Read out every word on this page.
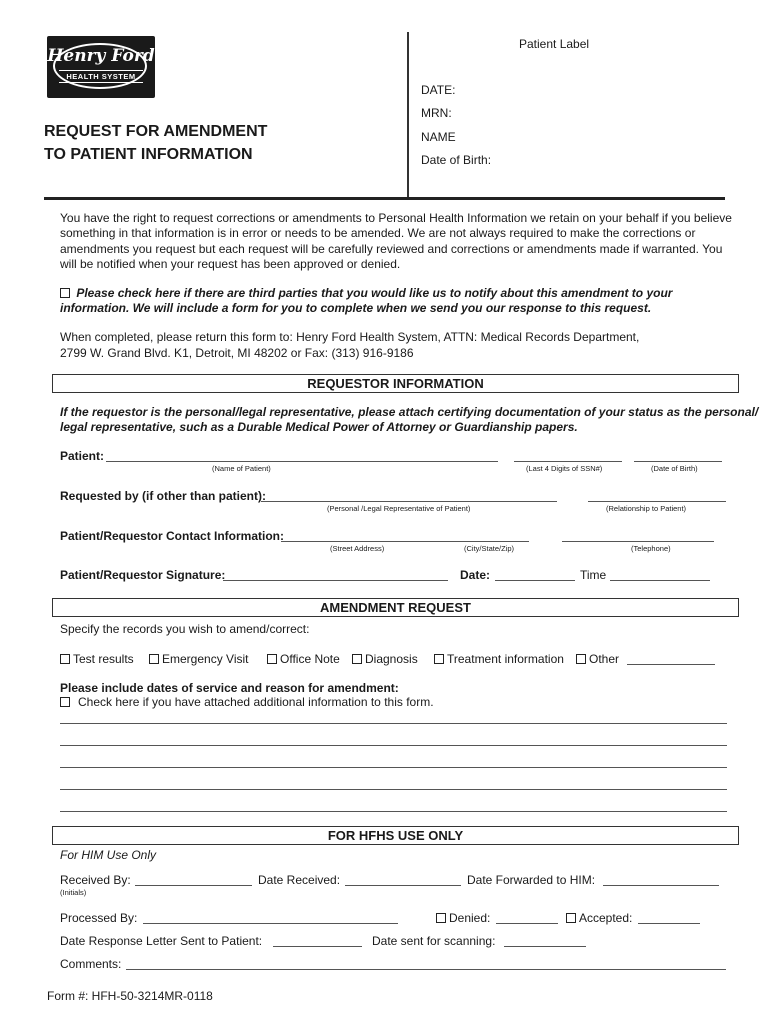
Henry Ford
HEALTH SYSTEM
REQUEST FOR AMENDMENT
TO PATIENT INFORMATION
Patient Label
DATE:
MRN:
NAME
Date of Birth:

You have the right to request corrections or amendments to Personal Health Information we retain on your behalf if you believe something in that information is in error or needs to be amended. We are not always required to make the corrections or amendments you request but each request will be carefully reviewed and corrections or amendments made if warranted. You will be notified when your request has been approved or denied.

Please check here if there are third parties that you would like us to notify about this amendment to your
information. We will include a form for you to complete when we send you our response to this request.
When completed, please return this form to: Henry Ford Health System, ATTN: Medical Records Department,
2799 W. Grand Blvd. K1, Detroit, MI 48202 or Fax: (313) 916-9186
REQUESTOR INFORMATION
If the requestor is the personal/legal representative, please attach certifying documentation of your status as the personal/
legal representative, such as a Durable Medical Power of Attorney or Guardianship papers.
Patient:
(Name of Patient)	(Last 4 Digits of SSN#)	(Date of Birth)
Requested by (if other than patient):
(Personal /Legal Representative of Patient)	(Relationship to Patient)
Patient/Requestor Contact Information:
(Street Address)	(City/State/Zip)	(Telephone)
Patient/Requestor Signature:	Date:	Time
AMENDMENT REQUEST
Specify the records you wish to amend/correct:
Test results	Emergency Visit	Office Note	Diagnosis	Treatment information	Other
Please include dates of service and reason for amendment:
Check here if you have attached additional information to this form.
FOR HFHS USE ONLY
For HIM Use Only
Received By:
(Initials)
Date Received:	Date Forwarded to HIM:
Processed By:	Denied:	Accepted:
Date Response Letter Sent to Patient:	Date sent for scanning:
Comments:
Form #: HFH-50-3214MR-0118
